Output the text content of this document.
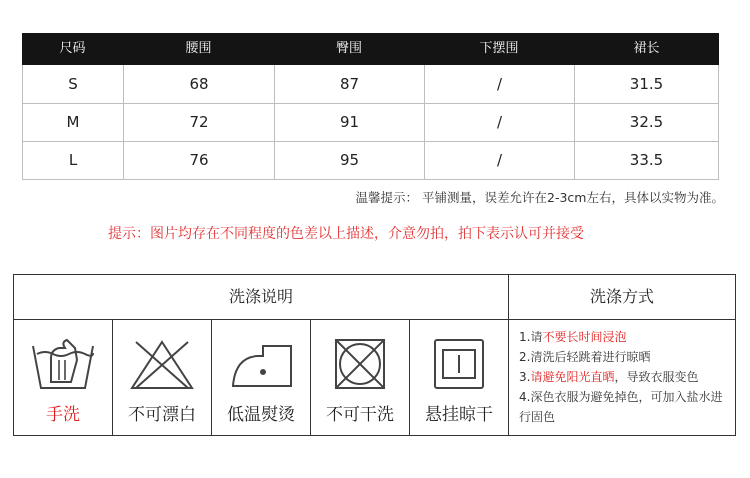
尺码	腰围	臀围	下摆围	裙长
S	68	87	/	31.5
M	72	91	/	32.5
L	76	95	/	33.5
温馨提示： 平铺测量，误差允许在2-3cm左右，具体以实物为准。
提示：图片均存在不同程度的色差以上描述，介意勿拍，拍下表示认可并接受
洗涤说明	洗涤方式
手洗	不可漂白	低温熨烫	不可干洗	悬挂晾干
1.请不要长时间浸泡
2.清洗后轻跳着进行晾晒
3.请避免阳光直晒，导致衣服变色
4.深色衣服为避免掉色，可加入盐水进行固色
